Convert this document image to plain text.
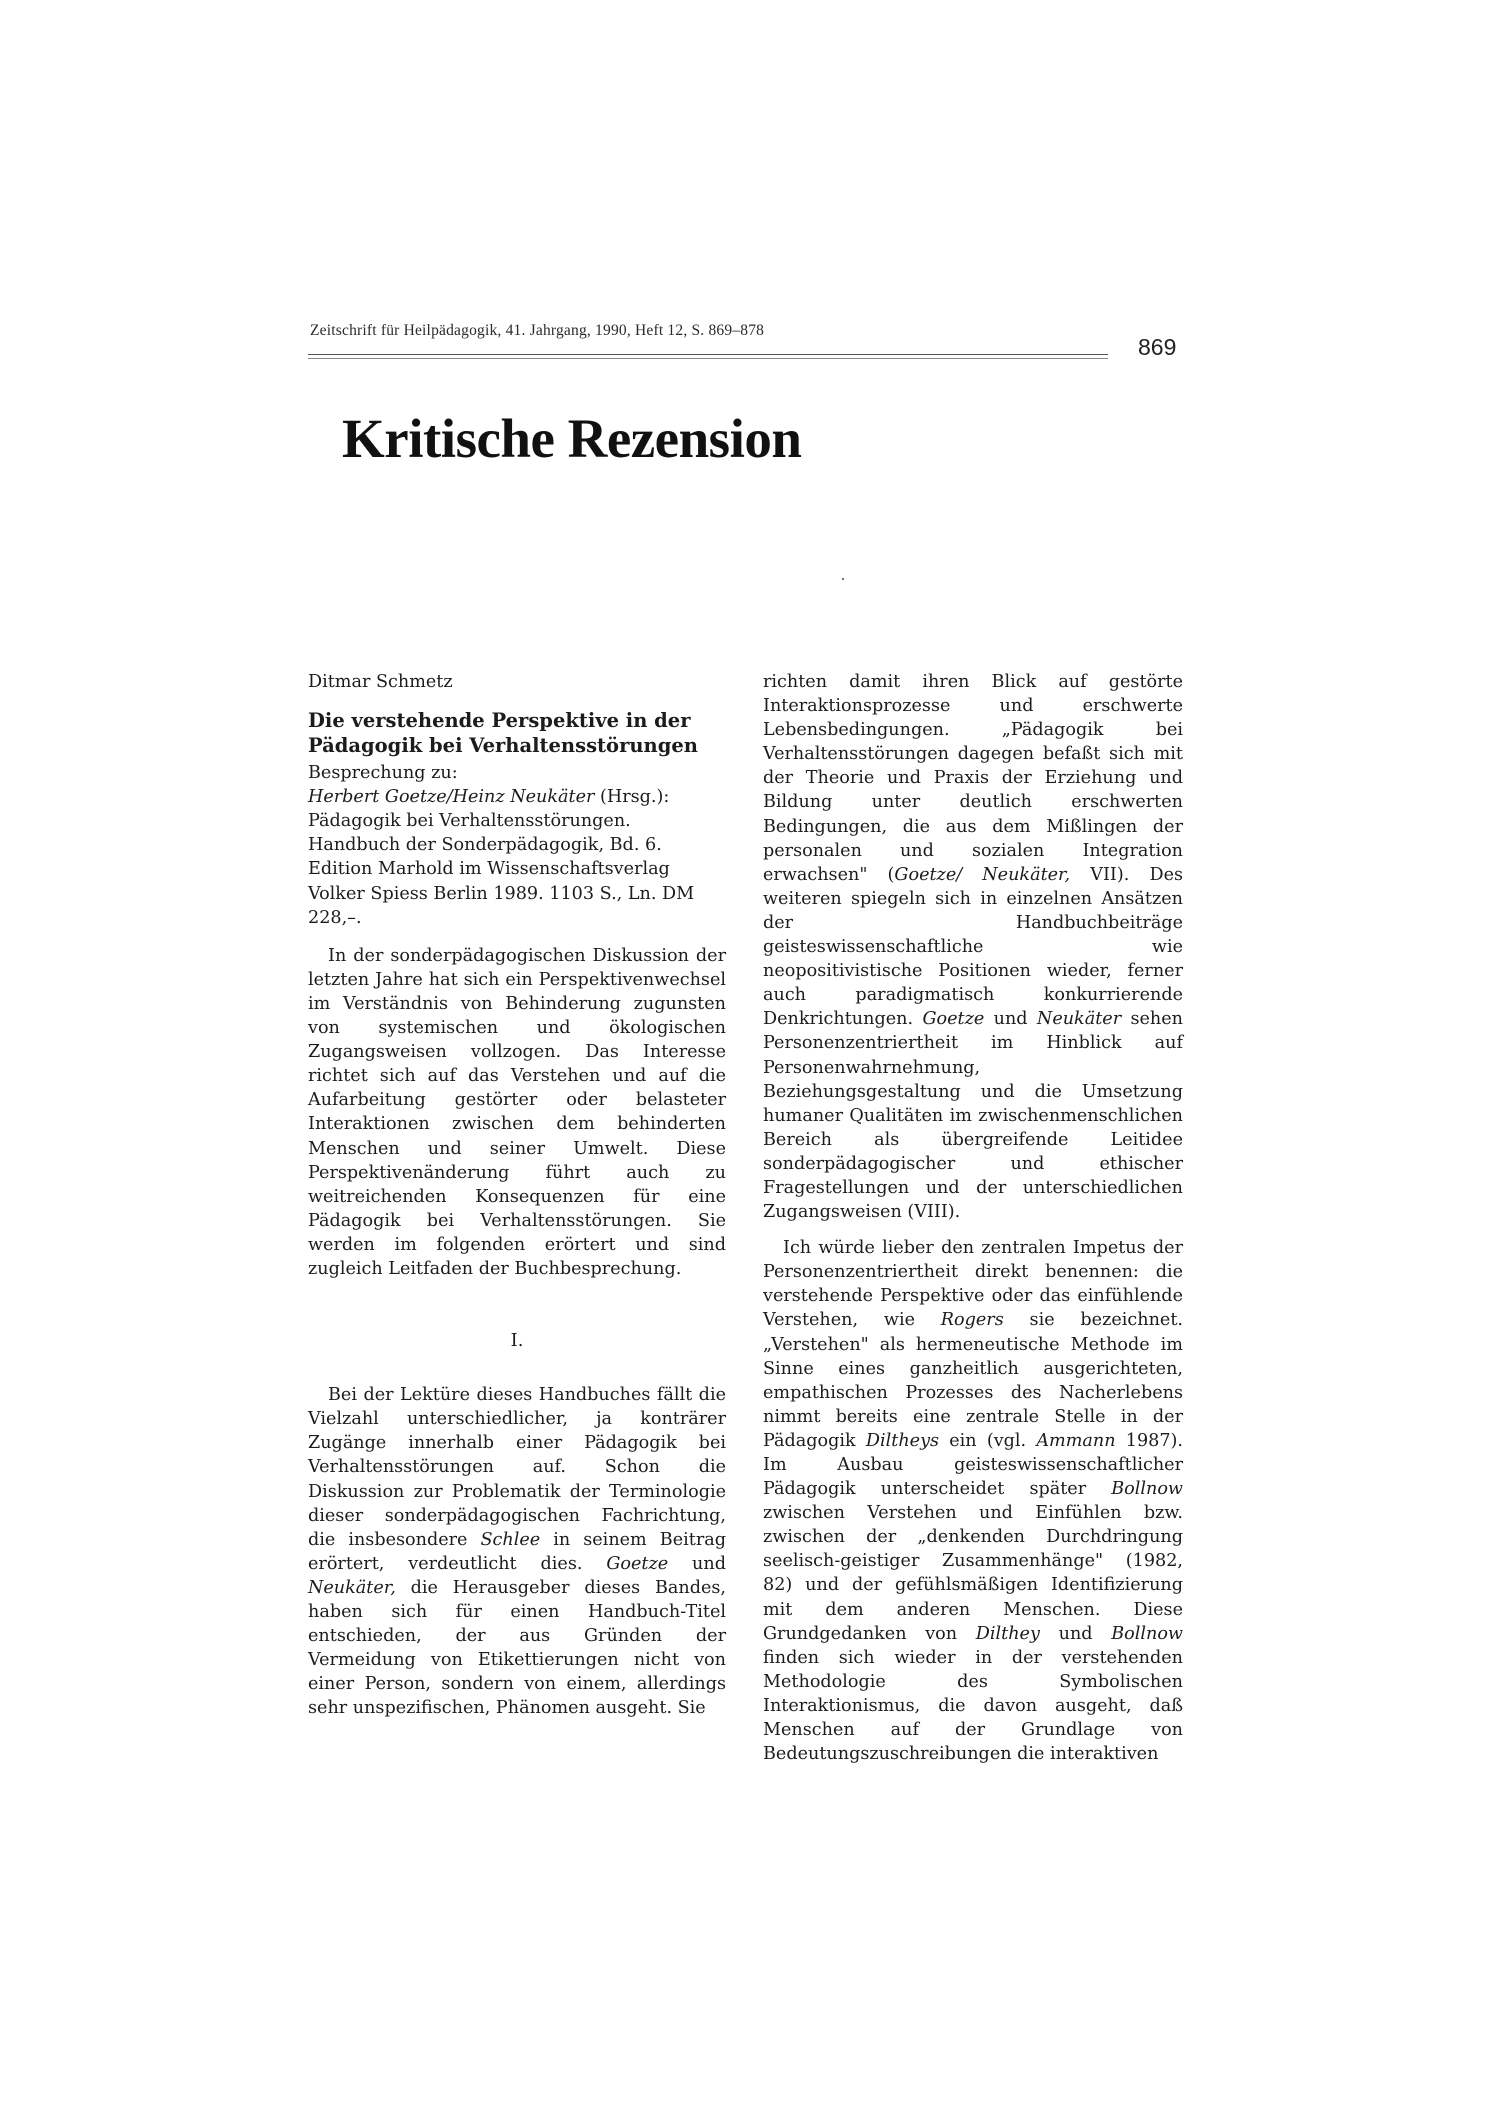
Zeitschrift für Heilpädagogik, 41. Jahrgang, 1990, Heft 12, S. 869–878
869
Kritische Rezension

Ditmar Schmetz

Die verstehende Perspektive in der
Pädagogik bei Verhaltensstörungen

Besprechung zu:

Herbert Goetze/Heinz Neukäter (Hrsg.): Pädagogik bei Verhaltensstörungen. Handbuch der Sonderpädagogik, Bd. 6. Edition Marhold im Wissenschaftsverlag Volker Spiess Berlin 1989. 1103 S., Ln. DM 228,–.

In der sonderpädagogischen Diskussion der letzten Jahre hat sich ein Perspektivenwechsel im Verständnis von Behinderung zugunsten von systemischen und ökologischen Zugangsweisen vollzogen. Das Interesse richtet sich auf das Verstehen und auf die Aufarbeitung gestörter oder belasteter Interaktionen zwischen dem behinderten Menschen und seiner Umwelt. Diese Perspektivenänderung führt auch zu weitreichenden Konsequenzen für eine Pädagogik bei Verhaltensstörungen. Sie werden im folgenden erörtert und sind zugleich Leitfaden der Buchbesprechung.

I.

Bei der Lektüre dieses Handbuches fällt die Vielzahl unterschiedlicher, ja konträrer Zugänge innerhalb einer Pädagogik bei Verhaltensstörungen auf. Schon die Diskussion zur Problematik der Terminologie dieser sonderpädagogischen Fachrichtung, die insbesondere Schlee in seinem Beitrag erörtert, verdeutlicht dies. Goetze und Neukäter, die Herausgeber dieses Bandes, haben sich für einen Handbuch-Titel entschieden, der aus Gründen der Vermeidung von Etikettierungen nicht von einer Person, sondern von einem, allerdings sehr unspezifischen, Phänomen ausgeht. Sie

richten damit ihren Blick auf gestörte Interaktionsprozesse und erschwerte Lebensbedingungen. „Pädagogik bei Verhaltensstörungen dagegen befaßt sich mit der Theorie und Praxis der Erziehung und Bildung unter deutlich erschwerten Bedingungen, die aus dem Mißlingen der personalen und sozialen Integration erwachsen" (Goetze/ Neukäter, VII). Des weiteren spiegeln sich in einzelnen Ansätzen der Handbuchbeiträge geisteswissenschaftliche wie neopositivistische Positionen wieder, ferner auch paradigmatisch konkurrierende Denkrichtungen. Goetze und Neukäter sehen Personenzentriertheit im Hinblick auf Personenwahrnehmung, Beziehungsgestaltung und die Umsetzung humaner Qualitäten im zwischenmenschlichen Bereich als übergreifende Leitidee sonderpädagogischer und ethischer Fragestellungen und der unterschiedlichen Zugangsweisen (VIII).

Ich würde lieber den zentralen Impetus der Personenzentriertheit direkt benennen: die verstehende Perspektive oder das einfühlende Verstehen, wie Rogers sie bezeichnet. „Verstehen" als hermeneutische Methode im Sinne eines ganzheitlich ausgerichteten, empathischen Prozesses des Nacherlebens nimmt bereits eine zentrale Stelle in der Pädagogik Diltheys ein (vgl. Ammann 1987). Im Ausbau geisteswissenschaftlicher Pädagogik unterscheidet später Bollnow zwischen Verstehen und Einfühlen bzw. zwischen der „denkenden Durchdringung seelisch-geistiger Zusammenhänge" (1982, 82) und der gefühlsmäßigen Identifizierung mit dem anderen Menschen. Diese Grundgedanken von Dilthey und Bollnow finden sich wieder in der verstehenden Methodologie des Symbolischen Interaktionismus, die davon ausgeht, daß Menschen auf der Grundlage von Bedeutungszuschreibungen die interaktiven
